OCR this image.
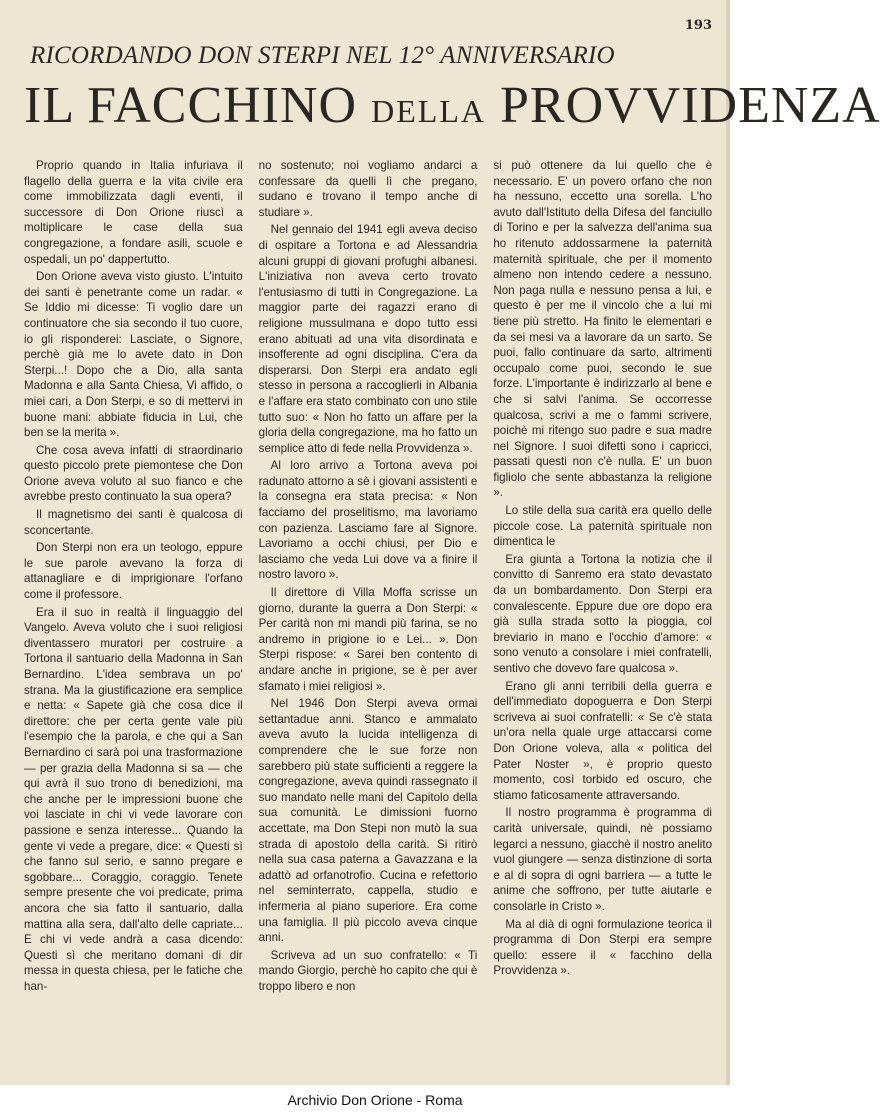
193
RICORDANDO DON STERPI NEL 12° ANNIVERSARIO
IL FACCHINO DELLA PROVVIDENZA

Proprio quando in Italia infuriava il flagello della guerra e la vita civile era come immobilizzata dagli eventi, il successore di Don Orione riuscì a moltiplicare le case della sua congregazione, a fondare asili, scuole e ospedali, un po' dappertutto.

Don Orione aveva visto giusto. L'intuito dei santi è penetrante come un radar. « Se Iddio mi dicesse: Ti voglio dare un continuatore che sia secondo il tuo cuore, io gli risponderei: Lasciate, o Signore, perchè già me lo avete dato in Don Sterpi...! Dopo che a Dio, alla santa Madonna e alla Santa Chiesa, Vi affido, o miei cari, a Don Sterpi, e so di mettervi in buone mani: abbiate fiducia in Lui, che ben se la merita ».

Che cosa aveva infatti di straordinario questo piccolo prete piemontese che Don Orione aveva voluto al suo fianco e che avrebbe presto continuato la sua opera?

Il magnetismo dei santi è qualcosa di sconcertante.

Don Sterpi non era un teologo, eppure le sue parole avevano la forza di attanagliare e di imprigionare l'orfano come il professore.

Era il suo in realtà il linguaggio del Vangelo. Aveva voluto che i suoi religiosi diventassero muratori per costruire a Tortona il santuario della Madonna in San Bernardino. L'idea sembrava un po' strana. Ma la giustificazione era semplice e netta: « Sapete già che cosa dice il direttore: che per certa gente vale più l'esempio che la parola, e che qui a San Bernardino ci sarà poi una trasformazione — per grazia della Madonna si sa — che qui avrà il suo trono di benedizioni, ma che anche per le impressioni buone che voi lasciate in chi vi vede lavorare con passione e senza interesse... Quando la gente vi vede a pregare, dice: « Questi sì che fanno sul serio, e sanno pregare e sgobbare... Coraggio, coraggio. Tenete sempre presente che voi predicate, prima ancora che sia fatto il santuario, dalla mattina alla sera, dall'alto delle capriate... E chi vi vede andrà a casa dicendo: Questi sì che meritano domani di dir messa in questa chiesa, per le fatiche che han-

no sostenuto; noi vogliamo andarci a confessare da quelli lì che pregano, sudano e trovano il tempo anche di studiare ».

Nel gennaio del 1941 egli aveva deciso di ospitare a Tortona e ad Alessandria alcuni gruppi di giovani profughi albanesi. L'iniziativa non aveva certo trovato l'entusiasmo di tutti in Congregazione. La maggior parte dei ragazzi erano di religione mussulmana e dopo tutto essi erano abituati ad una vita disordinata e insofferente ad ogni disciplina. C'era da disperarsi. Don Sterpi era andato egli stesso in persona a raccoglierli in Albania e l'affare era stato combinato con uno stile tutto suo: « Non ho fatto un affare per la gloria della congregazione, ma ho fatto un semplice atto di fede nella Provvidenza ».

Al loro arrivo a Tortona aveva poi radunato attorno a sè i giovani assistenti e la consegna era stata precisa: « Non facciamo del proselitismo, ma lavoriamo con pazienza. Lasciamo fare al Signore. Lavoriamo a occhi chiusi, per Dio e lasciamo che veda Lui dove va a finire il nostro lavoro ».

Il direttore di Villa Moffa scrisse un giorno, durante la guerra a Don Sterpi: « Per carità non mi mandi più farina, se no andremo in prigione io e Lei... ». Don Sterpi rispose: « Sarei ben contento di andare anche in prigione, se è per aver sfamato i miei religiosi ».

Nel 1946 Don Sterpi aveva ormai settantadue anni. Stanco e ammalato aveva avuto la lucida intelligenza di comprendere che le sue forze non sarebbero più state sufficienti a reggere la congregazione, aveva quindi rassegnato il suo mandato nelle mani del Capitolo della sua comunità. Le dimissioni fuorno accettate, ma Don Stepi non mutò la sua strada di apostolo della carità. Si ritirò nella sua casa paterna a Gavazzana e la adattò ad orfanotrofio. Cucina e refettorio nel seminterrato, cappella, studio e infermeria al piano superiore. Era come una famiglia. Il più piccolo aveva cinque anni.

Scriveva ad un suo confratello: « Ti mando Giorgio, perchè ho capito che qui è troppo libero e non

si può ottenere da lui quello che è necessario. E' un povero orfano che non ha nessuno, eccetto una sorella. L'ho avuto dall'Istituto della Difesa del fanciullo di Torino e per la salvezza dell'anima sua ho ritenuto addossarmene la paternità maternità spirituale, che per il momento almeno non intendo cedere a nessuno. Non paga nulla e nessuno pensa a lui, e questo è per me il vincolo che a lui mi tiene più stretto. Ha finito le elementari e da sei mesi va a lavorare da un sarto. Se puoi, fallo continuare da sarto, altrimenti occupalo come puoi, secondo le sue forze. L'importante è indirizzarlo al bene e che si salvi l'anima. Se occorresse qualcosa, scrivi a me o fammi scrivere, poichè mi ritengo suo padre e sua madre nel Signore. I suoi difetti sono i capricci, passati questi non c'è nulla. E' un buon figliolo che sente abbastanza la religione ».

Lo stile della sua carità era quello delle piccole cose. La paternità spirituale non dimentica le

Era giunta a Tortona la notizia che il convitto di Sanremo era stato devastato da un bombardamento. Don Sterpi era convalescente. Eppure due ore dopo era già sulla strada sotto la pioggia, col breviario in mano e l'occhio d'amore: « sono venuto a consolare i miei confratelli, sentivo che dovevo fare qualcosa ».

Erano gli anni terribili della guerra e dell'immediato dopoguerra e Don Sterpi scriveva ai suoi confratelli: « Se c'è stata un'ora nella quale urge attaccarsi come Don Orione voleva, alla « politica del Pater Noster », è proprio questo momento, così torbido ed oscuro, che stiamo faticosamente attraversando.

Il nostro programma è programma di carità universale, quindi, nè possiamo legarci a nessuno, giacchè il nostro anelito vuol giungere — senza distinzione di sorta e al di sopra di ogni barriera — a tutte le anime che soffrono, per tutte aiutarle e consolarle in Cristo ».

Ma al dià di ogni formulazione teorica il programma di Don Sterpi era sempre quello: essere il « facchino della Provvidenza ».

Archivio Don Orione - Roma
